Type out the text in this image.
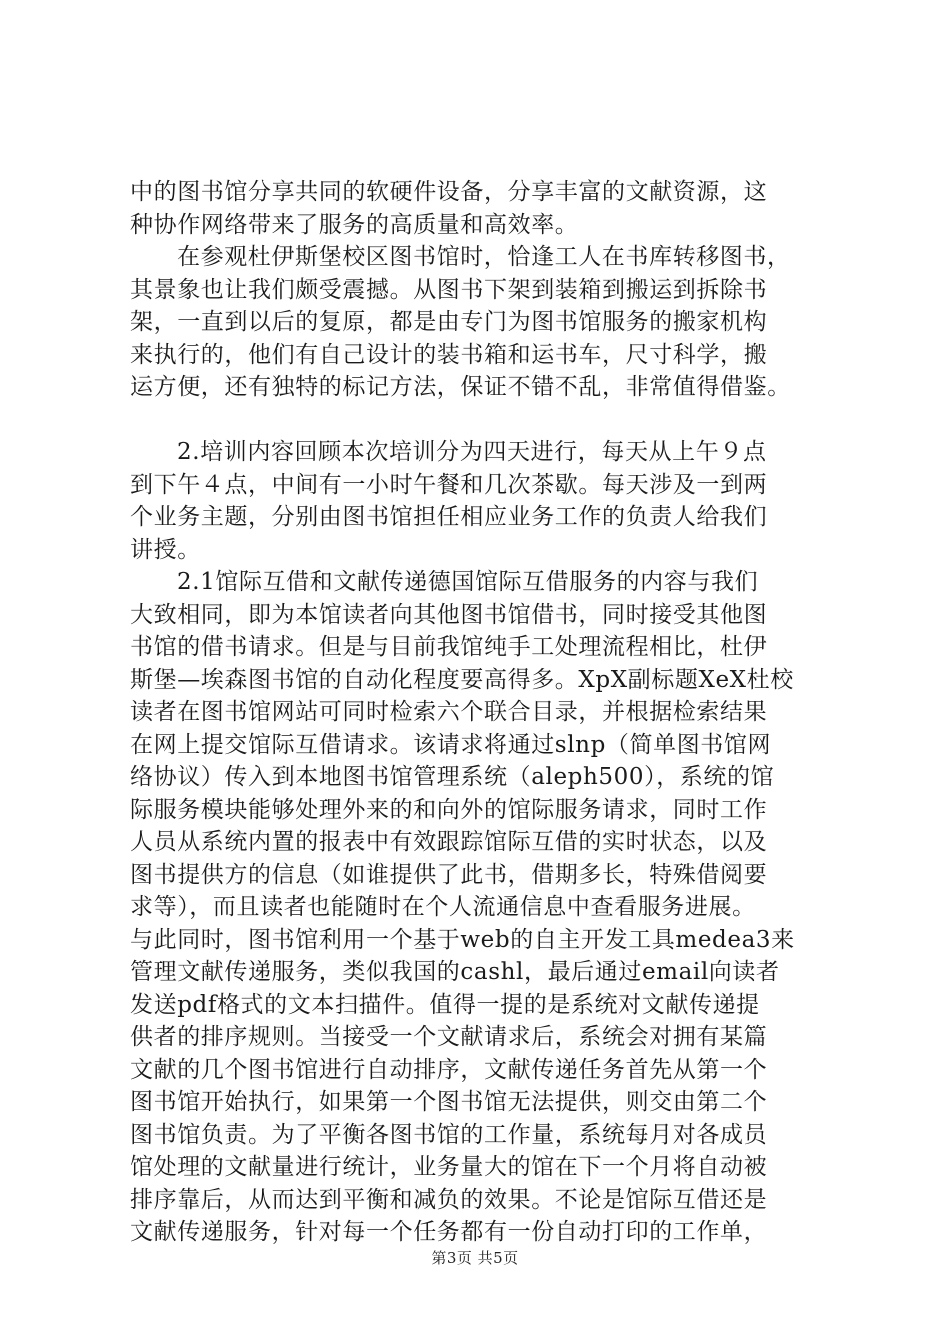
中的图书馆分享共同的软硬件设备，分享丰富的文献资源，这
种协作网络带来了服务的高质量和高效率。
在参观杜伊斯堡校区图书馆时，恰逢工人在书库转移图书，
其景象也让我们颇受震撼。从图书下架到装箱到搬运到拆除书
架，一直到以后的复原，都是由专门为图书馆服务的搬家机构
来执行的，他们有自己设计的装书箱和运书车，尺寸科学，搬
运方便，还有独特的标记方法，保证不错不乱，非常值得借鉴。
2.培训内容回顾本次培训分为四天进行，每天从上午９点
到下午４点，中间有一小时午餐和几次茶歇。每天涉及一到两
个业务主题，分别由图书馆担任相应业务工作的负责人给我们
讲授。
2.1馆际互借和文献传递德国馆际互借服务的内容与我们
大致相同，即为本馆读者向其他图书馆借书，同时接受其他图
书馆的借书请求。但是与目前我馆纯手工处理流程相比，杜伊
斯堡—埃森图书馆的自动化程度要高得多。XpX副标题XeX杜校
读者在图书馆网站可同时检索六个联合目录，并根据检索结果
在网上提交馆际互借请求。该请求将通过slnp（简单图书馆网
络协议）传入到本地图书馆管理系统（aleph500），系统的馆
际服务模块能够处理外来的和向外的馆际服务请求，同时工作
人员从系统内置的报表中有效跟踪馆际互借的实时状态，以及
图书提供方的信息（如谁提供了此书，借期多长，特殊借阅要
求等），而且读者也能随时在个人流通信息中查看服务进展。
与此同时，图书馆利用一个基于web的自主开发工具medea3来
管理文献传递服务，类似我国的cashl，最后通过email向读者
发送pdf格式的文本扫描件。值得一提的是系统对文献传递提
供者的排序规则。当接受一个文献请求后，系统会对拥有某篇
文献的几个图书馆进行自动排序，文献传递任务首先从第一个
图书馆开始执行，如果第一个图书馆无法提供，则交由第二个
图书馆负责。为了平衡各图书馆的工作量，系统每月对各成员
馆处理的文献量进行统计，业务量大的馆在下一个月将自动被
排序靠后，从而达到平衡和减负的效果。不论是馆际互借还是
文献传递服务，针对每一个任务都有一份自动打印的工作单，
第3页 共5页
